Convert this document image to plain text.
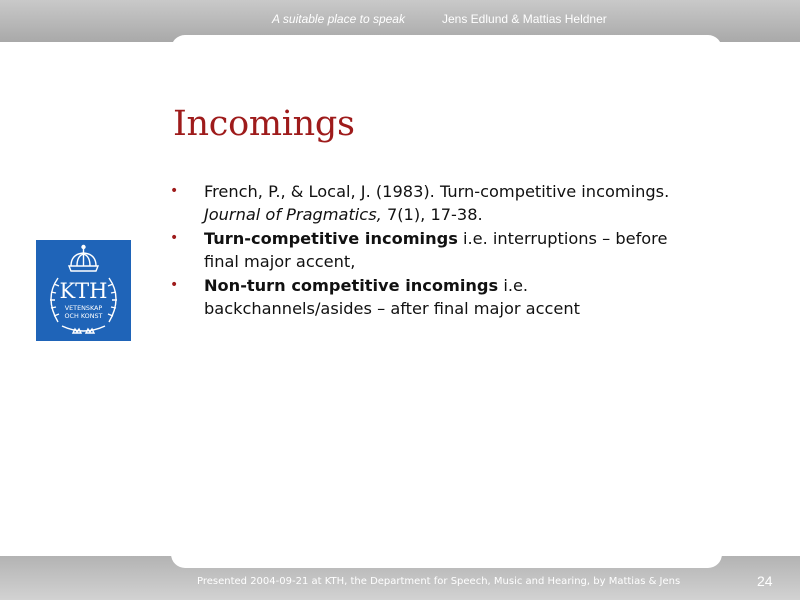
A suitable place to speak	Jens Edlund & Mattias Heldner
Incomings
• French, P., & Local, J. (1983). Turn-competitive incomings. Journal of Pragmatics, 7(1), 17-38.
• Turn-competitive incomings i.e. interruptions – before final major accent,
• Non-turn competitive incomings i.e. backchannels/asides – after final major accent
KTH
VETENSKAP
OCH KONST
Presented 2004-09-21 at KTH, the Department for Speech, Music and Hearing, by Mattias & Jens	24
